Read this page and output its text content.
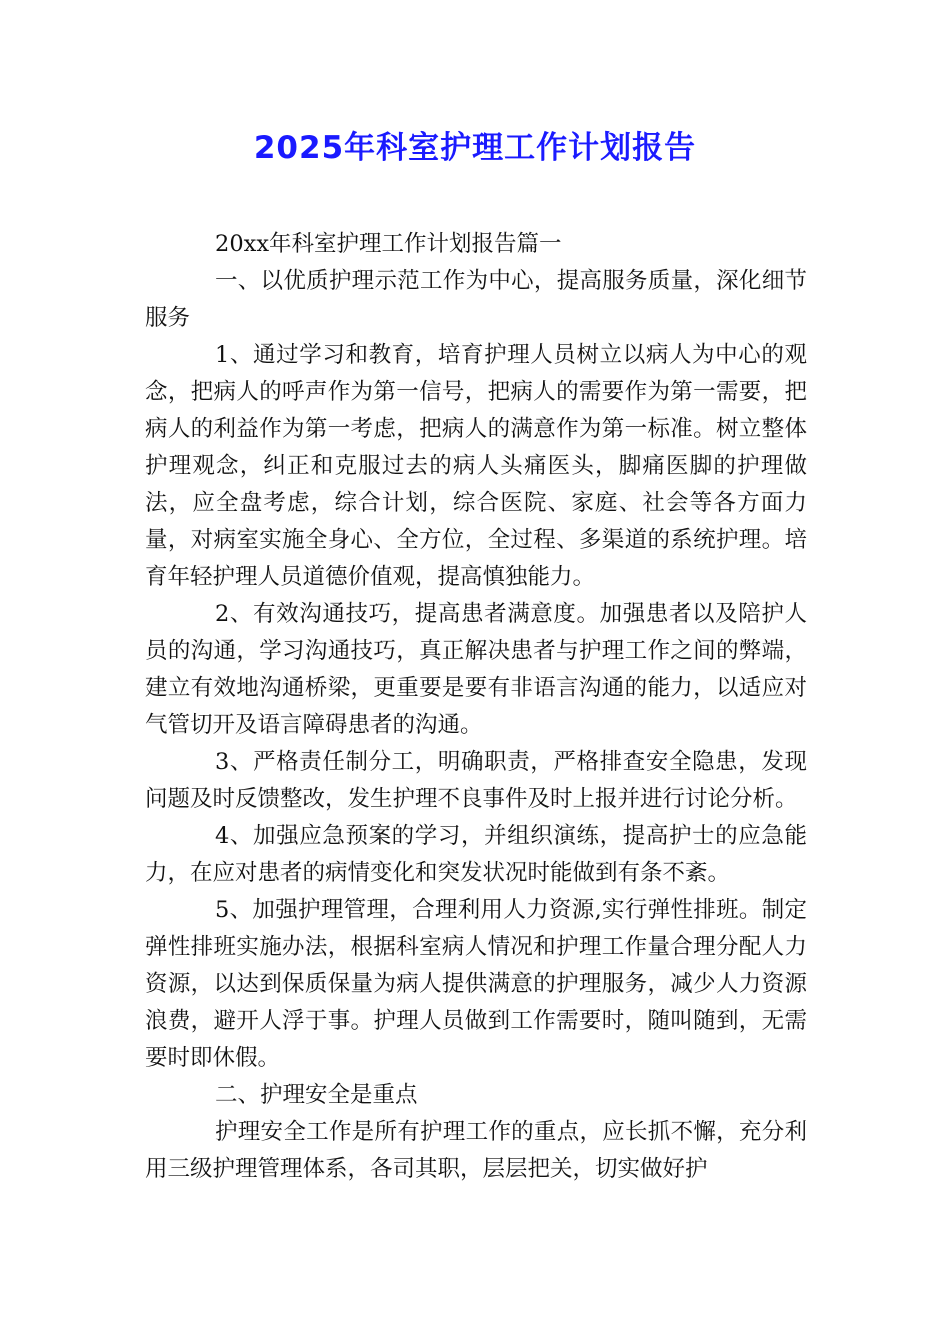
2025年科室护理工作计划报告

20xx年科室护理工作计划报告篇一

一、以优质护理示范工作为中心，提高服务质量，深化细节服务

1、通过学习和教育，培育护理人员树立以病人为中心的观念，把病人的呼声作为第一信号，把病人的需要作为第一需要，把病人的利益作为第一考虑，把病人的满意作为第一标准。树立整体护理观念，纠正和克服过去的病人头痛医头，脚痛医脚的护理做法，应全盘考虑，综合计划，综合医院、家庭、社会等各方面力量，对病室实施全身心、全方位，全过程、多渠道的系统护理。培育年轻护理人员道德价值观，提高慎独能力。

2、有效沟通技巧，提高患者满意度。加强患者以及陪护人员的沟通，学习沟通技巧，真正解决患者与护理工作之间的弊端，建立有效地沟通桥梁，更重要是要有非语言沟通的能力，以适应对气管切开及语言障碍患者的沟通。

3、严格责任制分工，明确职责，严格排查安全隐患，发现问题及时反馈整改，发生护理不良事件及时上报并进行讨论分析。

4、加强应急预案的学习，并组织演练，提高护士的应急能力，在应对患者的病情变化和突发状况时能做到有条不紊。

5、加强护理管理，合理利用人力资源,实行弹性排班。制定弹性排班实施办法，根据科室病人情况和护理工作量合理分配人力资源，以达到保质保量为病人提供满意的护理服务，减少人力资源浪费，避开人浮于事。护理人员做到工作需要时，随叫随到，无需要时即休假。

二、护理安全是重点

护理安全工作是所有护理工作的重点，应长抓不懈，充分利用三级护理管理体系，各司其职，层层把关，切实做好护
